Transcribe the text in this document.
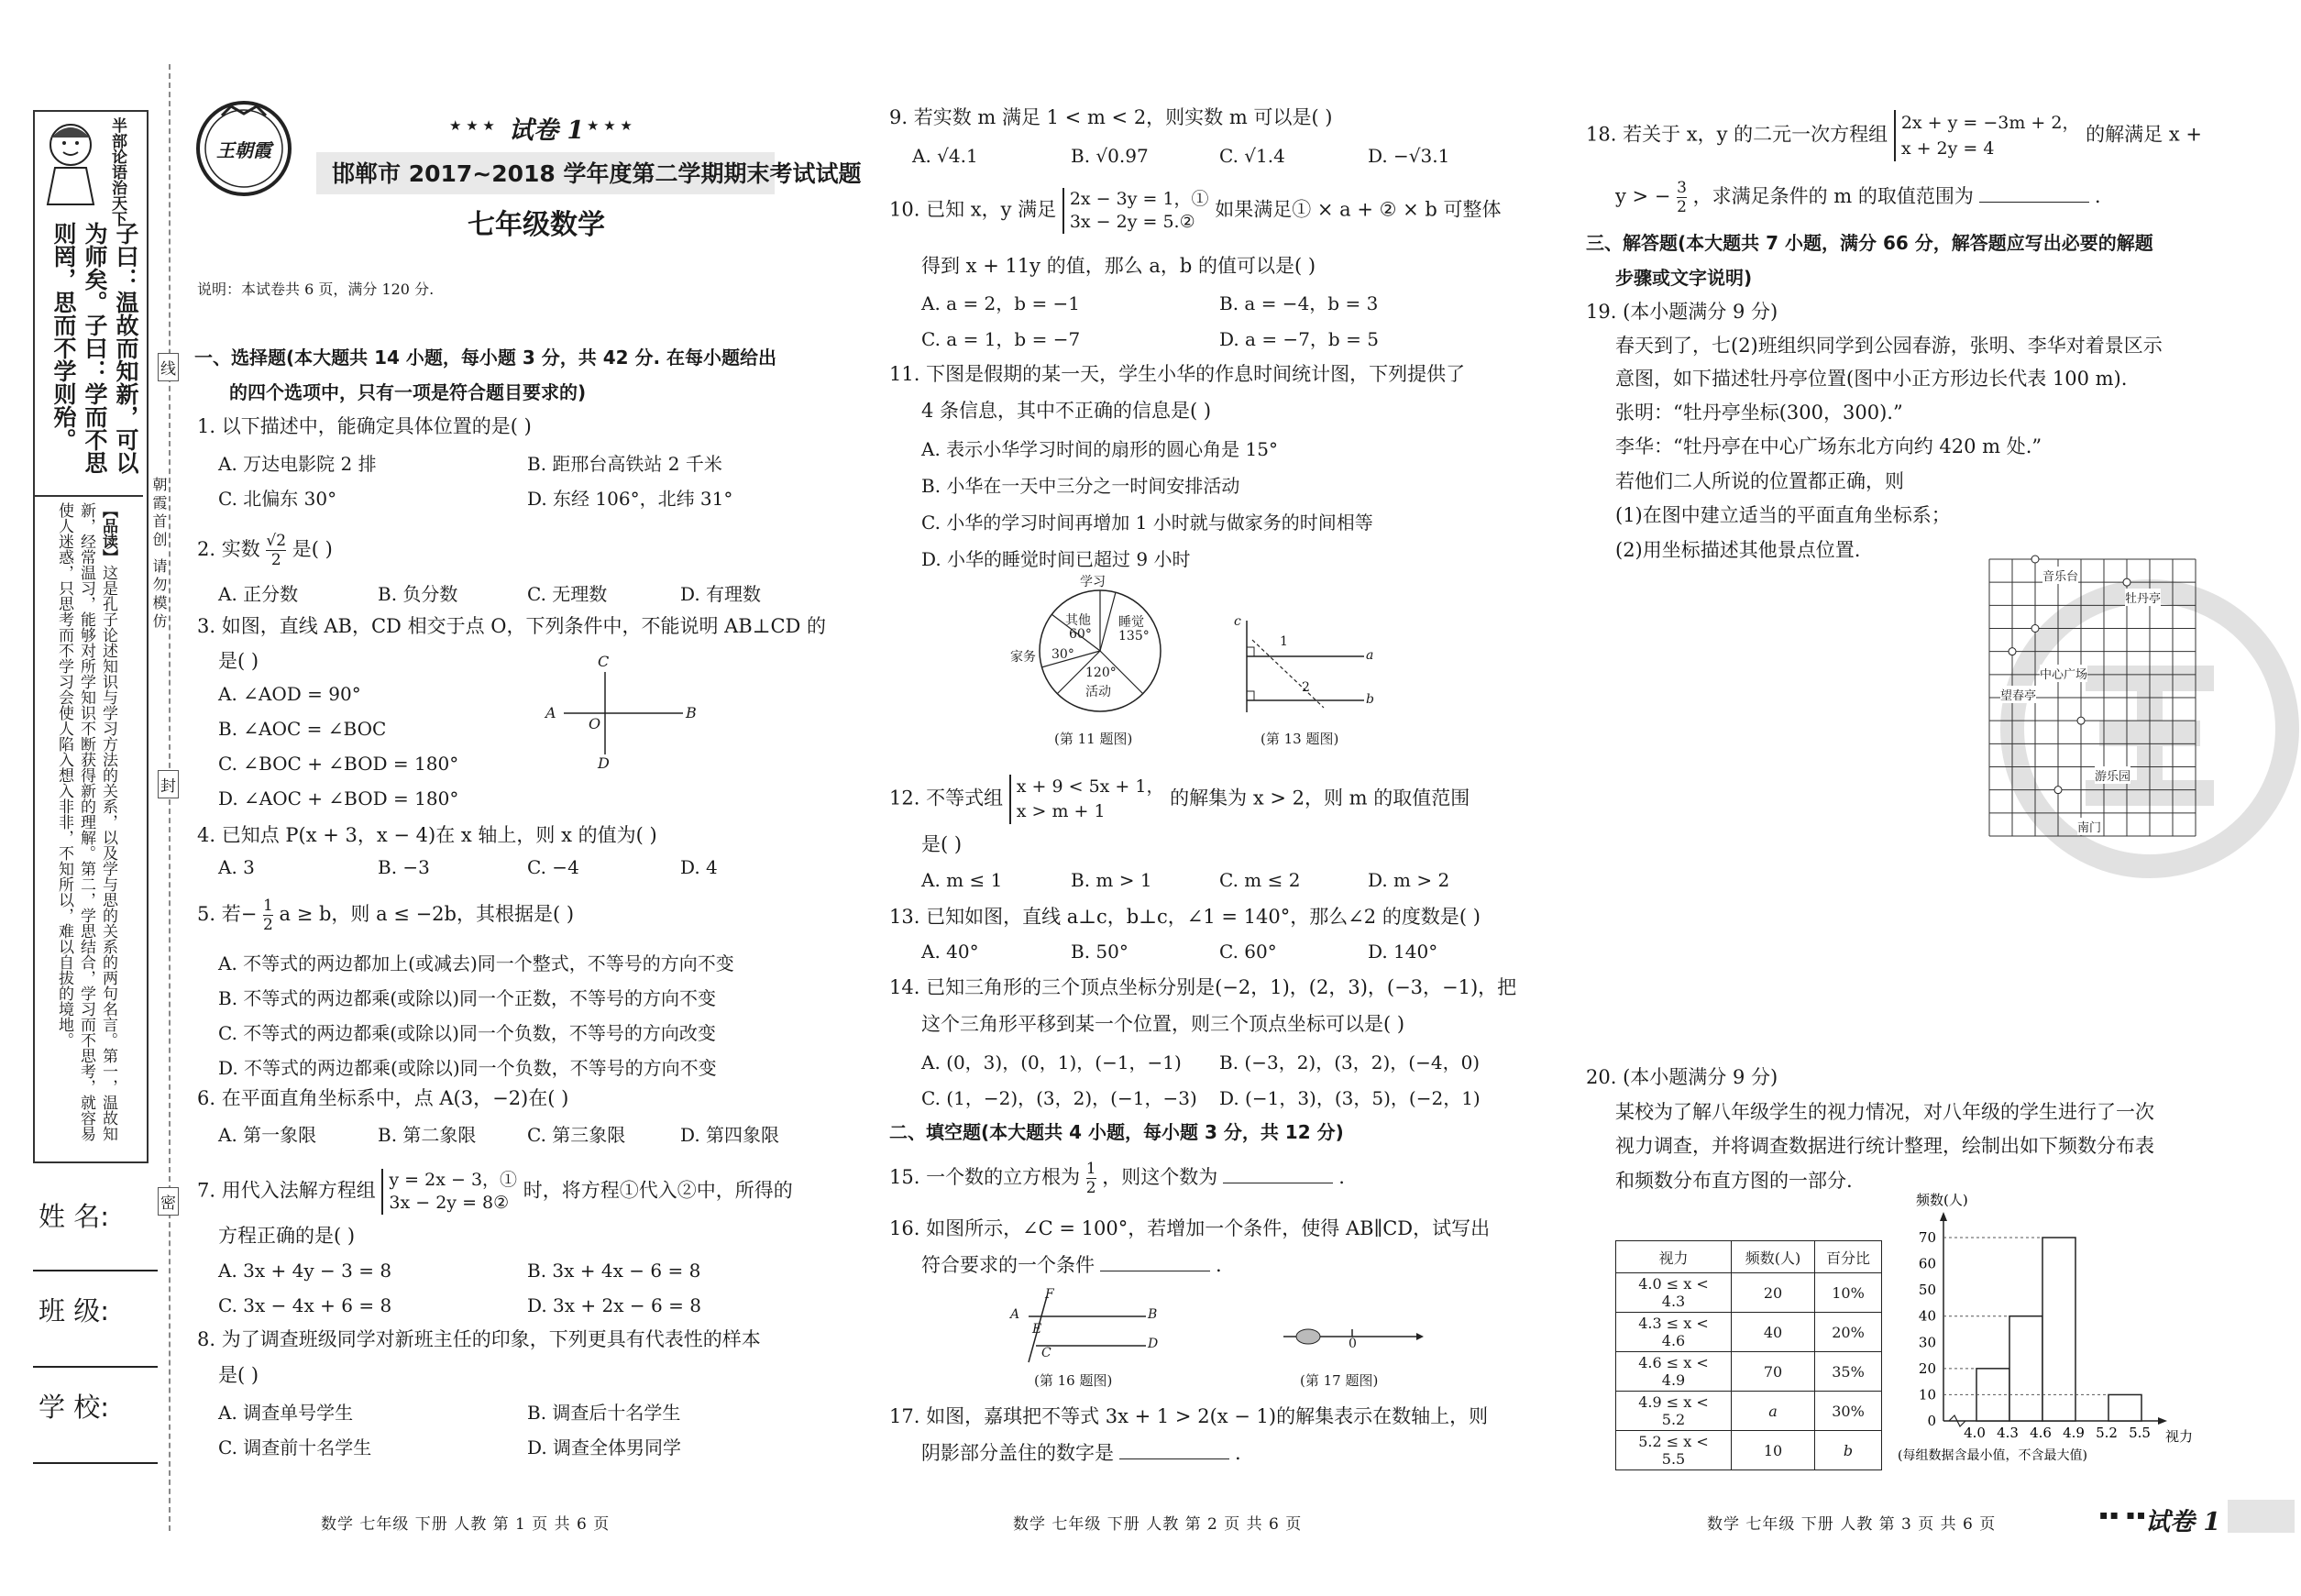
半部论语治天下
子曰：温故而知新，可以为师矣。子曰：学而不思则罔，思而不学则殆。
【品读】这是孔子论述知识与学习方法的关系，以及学与思的关系的两句名言。第一，温故知新，经常温习，能够对所学知识不断获得新的理解。第二，学思结合，学习而不思考，就容易使人迷惑，只思考而不学习会使人陷入想入非非，不知所以，难以自拔的境地。	朝霞首创 请勿模仿
线
封
密
姓 名:
班 级:
学 校:
王朝霞
★ ★ ★ 试卷 1 ★ ★ ★
邯郸市 2017~2018 学年度第二学期期末考试试题
七年级数学
说明：本试卷共 6 页，满分 120 分.
一、选择题(本大题共 14 小题，每小题 3 分，共 42 分. 在每小题给出
的四个选项中，只有一项是符合题目要求的)
1. 以下描述中，能确定具体位置的是( )
A. 万达电影院 2 排	B. 距邢台高铁站 2 千米
C. 北偏东 30°	D. 东经 106°，北纬 31°
2. 实数 $\frac{√2}{2}$ 是( )
A. 正分数	B. 负分数	C. 无理数	D. 有理数
3. 如图，直线 AB，CD 相交于点 O，下列条件中，不能说明 AB⊥CD 的
是( )
A. ∠AOD = 90°
B. ∠AOC = ∠BOC
C. ∠BOC + ∠BOD = 180°
D. ∠AOC + ∠BOD = 180°
C
A	B
O
D
4. 已知点 P(x + 3，x − 4)在 x 轴上，则 x 的值为( )
A. 3	B. −3	C. −4	D. 4
5. 若− $\frac{1}{2}$ a ≥ b，则 a ≤ −2b，其根据是( )
A. 不等式的两边都加上(或减去)同一个整式，不等号的方向不变
B. 不等式的两边都乘(或除以)同一个正数，不等号的方向不变
C. 不等式的两边都乘(或除以)同一个负数，不等号的方向改变
D. 不等式的两边都乘(或除以)同一个负数，不等号的方向不变
6. 在平面直角坐标系中，点 A(3，−2)在( )
A. 第一象限	B. 第二象限	C. 第三象限	D. 第四象限
7. 用代入法解方程组 y = 2x − 3，①
3x − 2y = 8②
时，将方程①代入②中，所得的
方程正确的是( )
A. 3x + 4y − 3 = 8	B. 3x + 4x − 6 = 8
C. 3x − 4x + 6 = 8	D. 3x + 2x − 6 = 8
8. 为了调查班级同学对新班主任的印象，下列更具有代表性的样本
是( )
A. 调查单号学生	B. 调查后十名学生
C. 调查前十名学生	D. 调查全体男同学
数学 七年级 下册 人教 第 1 页 共 6 页
9. 若实数 m 满足 1 < m < 2，则实数 m 可以是( )
A. √4.1	B. √0.97	C. √1.4	D. −√3.1
10. 已知 x，y 满足 2x − 3y = 1，①
3x − 2y = 5.②
如果满足① × a + ② × b 可整体
得到 x + 11y 的值，那么 a，b 的值可以是( )
A. a = 2，b = −1	B. a = −4，b = 3
C. a = 1，b = −7	D. a = −7，b = 5
11. 下图是假期的某一天，学生小华的作息时间统计图，下列提供了
4 条信息，其中不正确的信息是( )
A. 表示小华学习时间的扇形的圆心角是 15°
B. 小华在一天中三分之一时间安排活动
C. 小华的学习时间再增加 1 小时就与做家务的时间相等
D. 小华的睡觉时间已超过 9 小时
学习
其他
60°
睡觉
135°
家务 30°
120°
活动
(第 11 题图)
c
a
b
1
2
(第 13 题图)
12. 不等式组
x + 9 < 5x + 1，
x > m + 1
的解集为 x > 2，则 m 的取值范围
是( )
A. m ≤ 1	B. m > 1	C. m ≤ 2	D. m > 2
13. 已知如图，直线 a⊥c，b⊥c，∠1 = 140°，那么∠2 的度数是( )
A. 40°	B. 50°	C. 60°	D. 140°
14. 已知三角形的三个顶点坐标分别是(−2，1)，(2，3)，(−3，−1)，把
这个三角形平移到某一个位置，则三个顶点坐标可以是( )
A. (0，3)，(0，1)，(−1，−1) B. (−3，2)，(3，2)，(−4，0)
C. (1，−2)，(3，2)，(−1，−3) D. (−1，3)，(3，5)，(−2，1)
二、填空题(本大题共 4 小题，每小题 3 分，共 12 分)
15. 一个数的立方根为 $\frac{1}{2}$ ，则这个数为	.
16. 如图所示，∠C = 100°，若增加一个条件，使得 AB∥CD，试写出
符合要求的一个条件	.
F
A	B
E
C
D
(第 16 题图)
0
(第 17 题图)
17. 如图，嘉琪把不等式 3x + 1 > 2(x − 1)的解集表示在数轴上，则
阴影部分盖住的数字是	.
数学 七年级 下册 人教 第 2 页 共 6 页
18. 若关于 x，y 的二元一次方程组
2x + y = −3m + 2，
x + 2y = 4
的解满足 x +
y > − $\frac{3}{2}$ ，求满足条件的 m 的取值范围为	.
三、解答题(本大题共 7 小题，满分 66 分，解答题应写出必要的解题
步骤或文字说明)
19. (本小题满分 9 分)
春天到了，七(2)班组织同学到公园春游，张明、李华对着景区示
意图，如下描述牡丹亭位置(图中小正方形边长代表 100 m).
张明：“牡丹亭坐标(300，300).”
李华：“牡丹亭在中心广场东北方向约 420 m 处.”
若他们二人所说的位置都正确，则
(1)在图中建立适当的平面直角坐标系；
(2)用坐标描述其他景点位置.
音乐台
牡丹亭
中心广场
望春亭
游乐园
南门
20. (本小题满分 9 分)
某校为了解八年级学生的视力情况，对八年级的学生进行了一次
视力调查，并将调查数据进行统计整理，绘制出如下频数分布表
和频数分布直方图的一部分.
视力	频数(人)	百分比
4.0 ≤ x < 4.3	20	10%
4.3 ≤ x < 4.6	40	20%
4.6 ≤ x < 4.9	70	35%
4.9 ≤ x < 5.2	a	30%
5.2 ≤ x < 5.5	10	b
频数(人)
视力
0
10
20
30
40
50
60
70
4.0 4.3 4.6 4.9 5.2 5.5
(每组数据含最小值，不含最大值)
数学 七年级 下册 人教 第 3 页 共 6 页	▪▪ ▪▪
试卷 1
